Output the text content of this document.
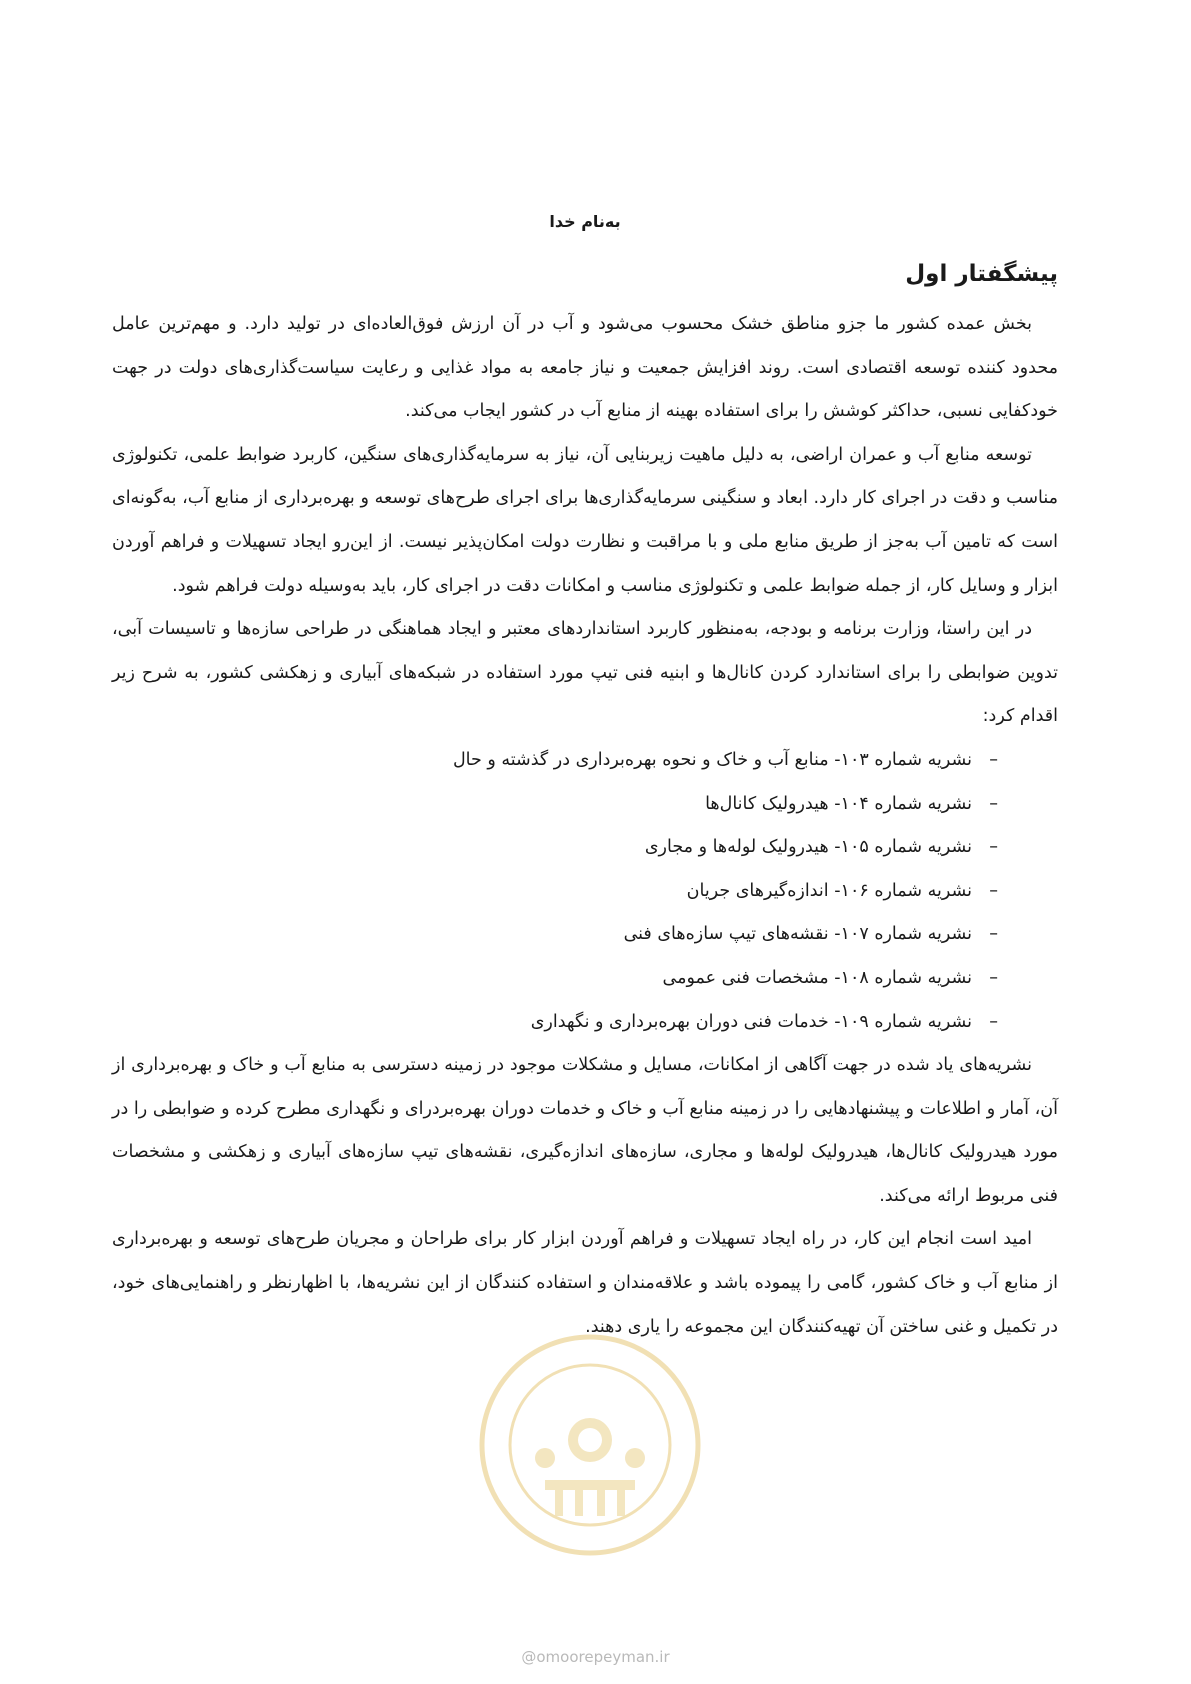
به‌نام خدا

پیشگفتار اول

بخش عمده کشور ما جزو مناطق خشک محسوب می‌شود و آب در آن ارزش فوق‌العاده‌ای در تولید دارد. و مهم‌ترین عامل محدود کننده توسعه اقتصادی است. روند افزایش جمعیت و نیاز جامعه به مواد غذایی و رعایت سیاست‌گذاری‌های دولت در جهت خودکفایی نسبی، حداکثر کوشش را برای استفاده بهینه از منابع آب در کشور ایجاب می‌کند.

توسعه منابع آب و عمران اراضی، به دلیل ماهیت زیربنایی آن، نیاز به سرمایه‌گذاری‌های سنگین، کاربرد ضوابط علمی، تکنولوژی مناسب و دقت در اجرای کار دارد. ابعاد و سنگینی سرمایه‌گذاری‌ها برای اجرای طرح‌های توسعه و بهره‌برداری از منابع آب، به‌گونه‌ای است که تامین آب به‌جز از طریق منابع ملی و با مراقبت و نظارت دولت امکان‌پذیر نیست. از این‌رو ایجاد تسهیلات و فراهم آوردن ابزار و وسایل کار، از جمله ضوابط علمی و تکنولوژی مناسب و امکانات دقت در اجرای کار، باید به‌وسیله دولت فراهم شود.

در این راستا، وزارت برنامه و بودجه، به‌منظور کاربرد استانداردهای معتبر و ایجاد هماهنگی در طراحی سازه‌ها و تاسیسات آبی، تدوین ضوابطی را برای استاندارد کردن کانال‌ها و ابنیه فنی تیپ مورد استفاده در شبکه‌های آبیاری و زهکشی کشور، به شرح زیر اقدام کرد:

–
نشریه شماره ۱۰۳- منابع آب و خاک و نحوه بهره‌برداری در گذشته و حال
–
نشریه شماره ۱۰۴- هیدرولیک کانال‌ها
–
نشریه شماره ۱۰۵- هیدرولیک لوله‌ها و مجاری
–
نشریه شماره ۱۰۶- اندازه‌گیرهای جریان
–
نشریه شماره ۱۰۷- نقشه‌های تیپ سازه‌های فنی
–
نشریه شماره ۱۰۸- مشخصات فنی عمومی
–
نشریه شماره ۱۰۹- خدمات فنی دوران بهره‌برداری و نگهداری

نشریه‌های یاد شده در جهت آگاهی از امکانات، مسایل و مشکلات موجود در زمینه دسترسی به منابع آب و خاک و بهره‌برداری از آن، آمار و اطلاعات و پیشنهادهایی را در زمینه منابع آب و خاک و خدمات دوران بهره‌بردرای و نگهداری مطرح کرده و ضوابطی را در مورد هیدرولیک کانال‌ها، هیدرولیک لوله‌ها و مجاری، سازه‌های اندازه‌گیری، نقشه‌های تیپ سازه‌های آبیاری و زهکشی و مشخصات فنی مربوط ارائه می‌کند.

امید است انجام این کار، در راه ایجاد تسهیلات و فراهم آوردن ابزار کار برای طراحان و مجریان طرح‌های توسعه و بهره‌برداری از منابع آب و خاک کشور، گامی را پیموده باشد و علاقه‌مندان و استفاده کنندگان از این نشریه‌ها، با اظهارنظر و راهنمایی‌های خود، در تکمیل و غنی ساختن آن تهیه‌کنندگان این مجموعه را یاری دهند.

@omoorepeyman.ir
